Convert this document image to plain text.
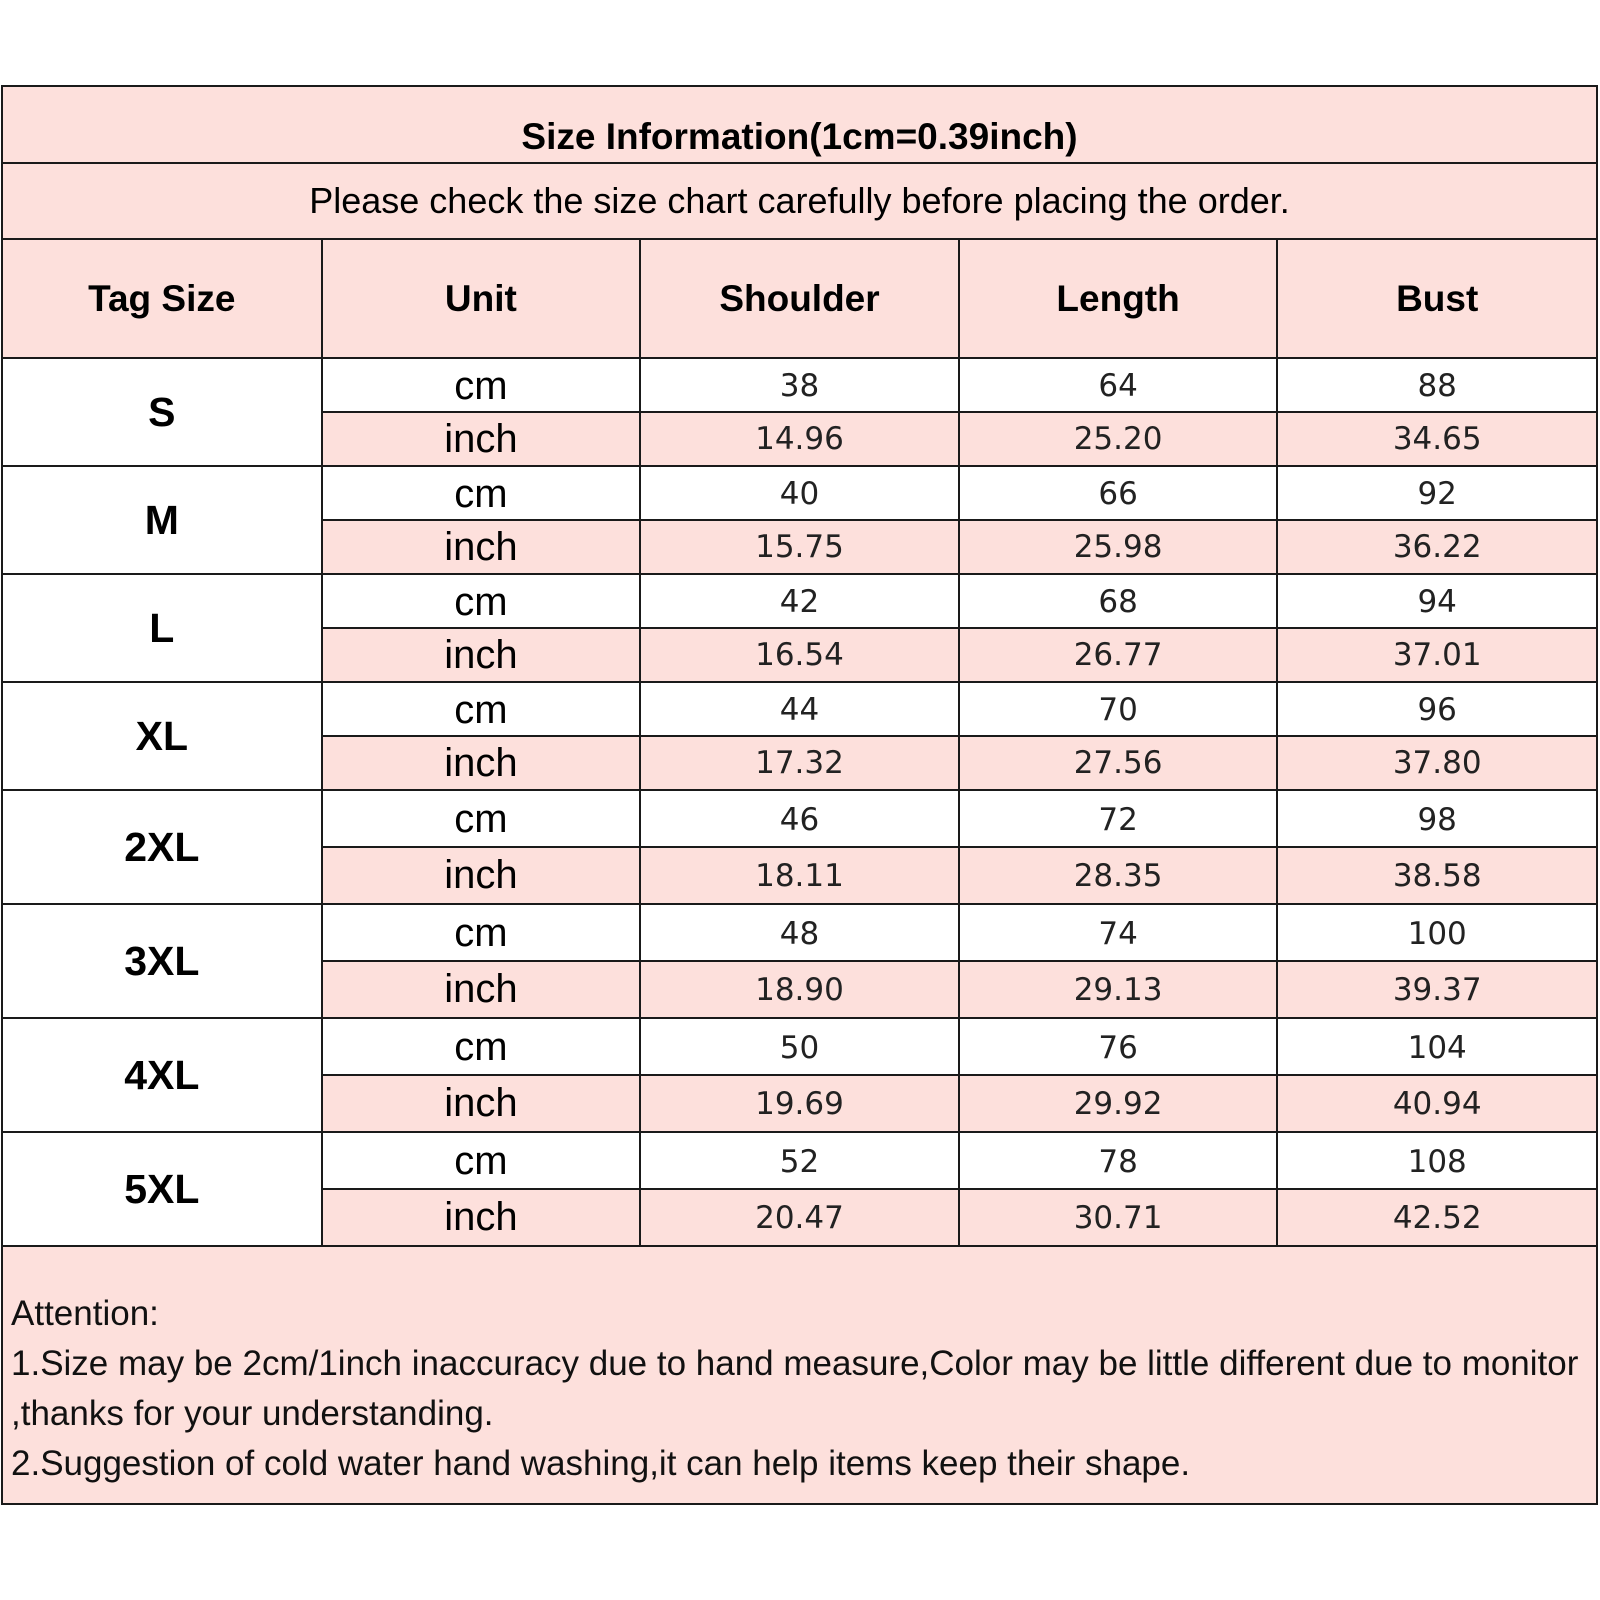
Size Information(1cm=0.39inch)
Please check the size chart carefully before placing the order.
Tag Size	Unit	Shoulder	Length	Bust
S	cm	38	64	88
	inch	14.96	25.20	34.65
M	cm	40	66	92
	inch	15.75	25.98	36.22
L	cm	42	68	94
	inch	16.54	26.77	37.01
XL	cm	44	70	96
	inch	17.32	27.56	37.80
2XL	cm	46	72	98
	inch	18.11	28.35	38.58
3XL	cm	48	74	100
	inch	18.90	29.13	39.37
4XL	cm	50	76	104
	inch	19.69	29.92	40.94
5XL	cm	52	78	108
	inch	20.47	30.71	42.52
Attention:
1.Size may be 2cm/1inch inaccuracy due to hand measure,Color may be little different due to monitor ,thanks for your understanding.
2.Suggestion of cold water hand washing,it can help items keep their shape.
